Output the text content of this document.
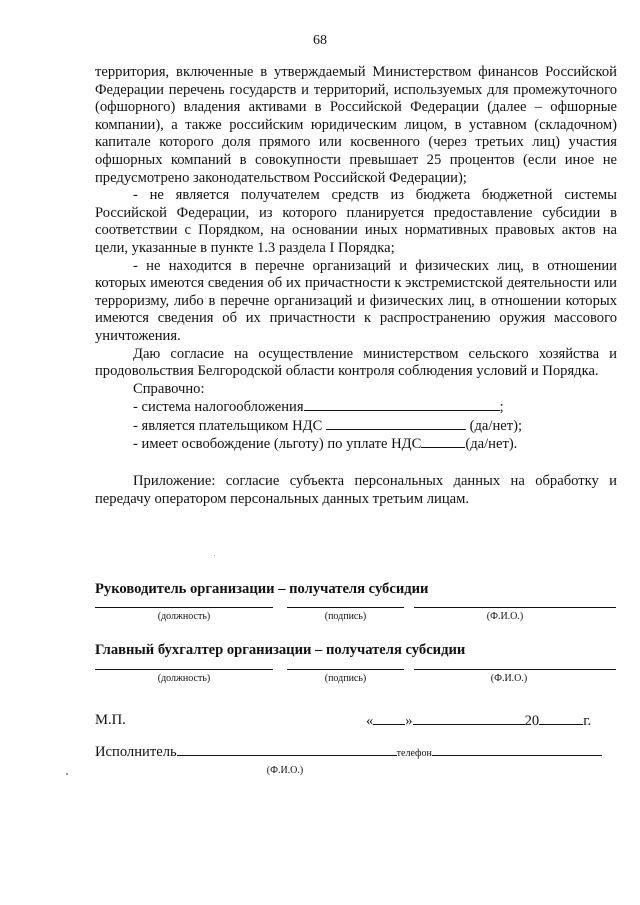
68

территория, включенные в утверждаемый Министерством финансов Российской Федерации перечень государств и территорий, используемых для промежуточного (офшорного) владения активами в Российской Федерации (далее – офшорные компании), а также российским юридическим лицом, в уставном (складочном) капитале которого доля прямого или косвенного (через третьих лиц) участия офшорных компаний в совокупности превышает 25 процентов (если иное не предусмотрено законодательством Российской Федерации);

- не является получателем средств из бюджета бюджетной системы Российской Федерации, из которого планируется предоставление субсидии в соответствии с Порядком, на основании иных нормативных правовых актов на цели, указанные в пункте 1.3 раздела I Порядка;

- не находится в перечне организаций и физических лиц, в отношении которых имеются сведения об их причастности к экстремистской деятельности или терроризму, либо в перечне организаций и физических лиц, в отношении которых имеются сведения об их причастности к распространению оружия массового уничтожения.

Даю согласие на осуществление министерством сельского хозяйства и продовольствия Белгородской области контроля соблюдения условий и Порядка.

Справочно:
- система налогообложения	;
- является плательщиком НДС	(да/нет);
- имеет освобождение (льготу) по уплате НДС	(да/нет).

Приложение: согласие субъекта персональных данных на обработку и передачу оператором персональных данных третьим лицам.

Руководитель организации – получателя субсидии
(должность)	(подпись)	(Ф.И.О.)
Главный бухгалтер организации – получателя субсидии
(должность)	(подпись)	(Ф.И.О.)
М.П.	« »	20	г.
Исполнитель	телефон
(Ф.И.О.)
